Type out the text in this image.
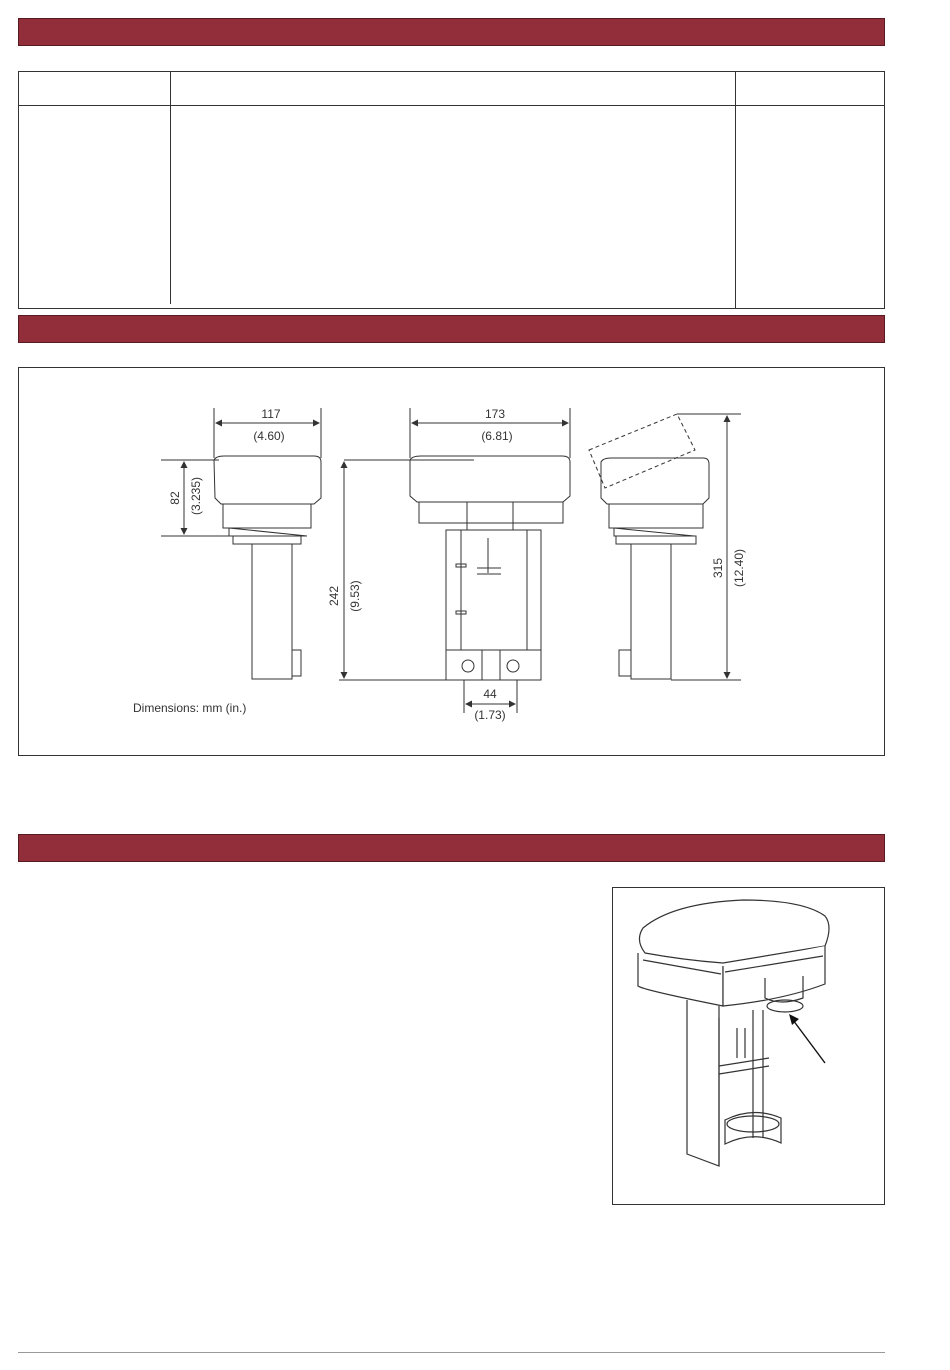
117
(4.60)
173
(6.81)
82 (3.235)
242 (9.53)
315 (12.40)
44
(1.73)
Dimensions: mm (in.)
